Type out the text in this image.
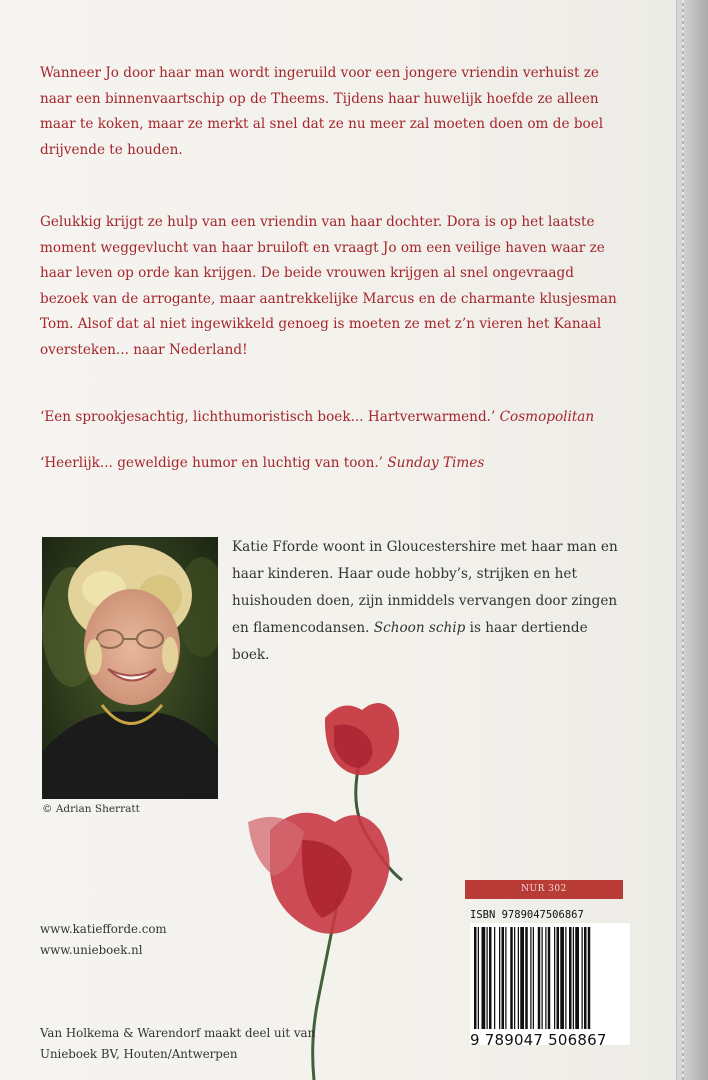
Wanneer Jo door haar man wordt ingeruild voor een jongere vriendin verhuist ze naar een binnenvaartschip op de Theems. Tijdens haar huwelijk hoefde ze alleen maar te koken, maar ze merkt al snel dat ze nu meer zal moeten doen om de boel drijvende te houden.

Gelukkig krijgt ze hulp van een vriendin van haar dochter. Dora is op het laatste moment weggevlucht van haar bruiloft en vraagt Jo om een veilige haven waar ze haar leven op orde kan krijgen. De beide vrouwen krijgen al snel ongevraagd bezoek van de arrogante, maar aantrekkelijke Marcus en de charmante klusjesman Tom. Alsof dat al niet ingewikkeld genoeg is moeten ze met z’n vieren het Kanaal oversteken... naar Nederland!

‘Een sprookjesachtig, lichthumoristisch boek... Hartverwarmend.’ Cosmopolitan
‘Heerlijk... geweldige humor en luchtig van toon.’ Sunday Times
© Adrian Sherratt
Katie Fforde woont in Gloucestershire met haar man en haar kinderen. Haar oude hobby’s, strijken en het huishouden doen, zijn inmiddels vervangen door zingen en flamencodansen. Schoon schip is haar dertiende boek.
NUR 302
ISBN 9789047506867
9 789047 506867
www.katiefforde.com
www.unieboek.nl
Van Holkema & Warendorf maakt deel uit van
Unieboek BV, Houten/Antwerpen
